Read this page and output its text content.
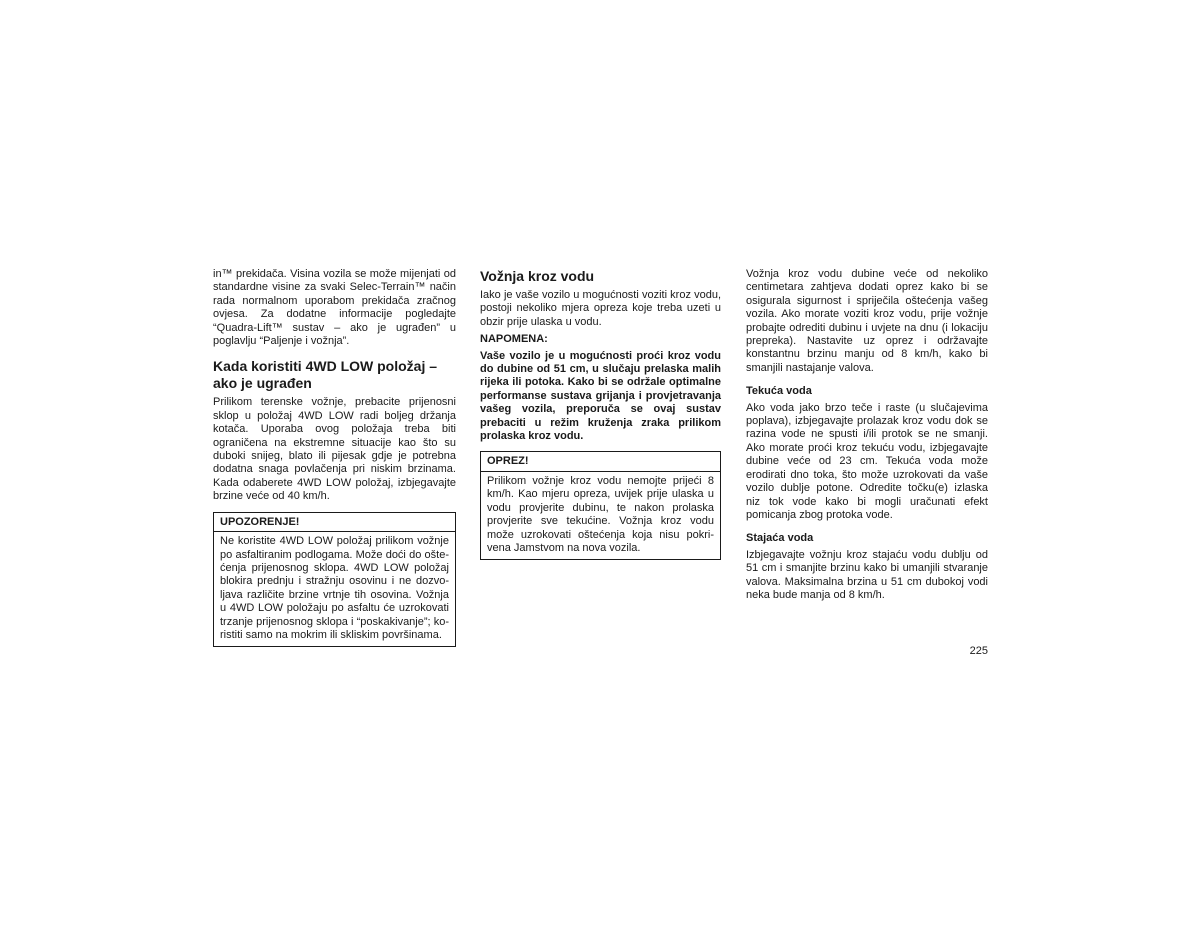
in™ prekidača. Visina vozila se može mijenjati od standardne visine za svaki Selec-Terrain™ način rada normalnom uporabom prekidača zračnog ovjesa. Za dodatne informacije pogledajte “Quadra-Lift™ sustav – ako je ugrađen” u poglavlju “Paljenje i vožnja”.

Kada koristiti 4WD LOW položaj – ako je ugrađen

Prilikom terenske vožnje, prebacite prijenosni sklop u položaj 4WD LOW radi boljeg držanja kotača. Uporaba ovog položaja treba biti ograničena na ekstremne situacije kao što su duboki snijeg, blato ili pijesak gdje je potrebna dodatna snaga povlačenja pri niskim brzinama. Kada odaberete 4WD LOW položaj, izbjegavajte brzine veće od 40 km/h.

UPOZORENJE!

Ne koristite 4WD LOW položaj prilikom vožnje po asfaltiranim podlogama. Može doći do oštećenja prijenosnog sklopa. 4WD LOW položaj blokira prednju i stražnju osovinu i ne dozvoljava različite brzine vrtnje tih osovina. Vožnja u 4WD LOW položaju po asfaltu će uzrokovati trzanje prijenosnog sklopa i “poskakivanje”; koristiti samo na mokrim ili skliskim površinama.

Vožnja kroz vodu

Iako je vaše vozilo u mogućnosti voziti kroz vodu, postoji nekoliko mjera opreza koje treba uzeti u obzir prije ulaska u vodu.

NAPOMENA:

Vaše vozilo je u mogućnosti proći kroz vodu do dubine od 51 cm, u slučaju prelaska malih rijeka ili potoka. Kako bi se održale optimalne performanse sustava grijanja i provjetravanja vašeg vozila, preporuča se ovaj sustav prebaciti u režim kruženja zraka prilikom prolaska kroz vodu.

OPREZ!

Prilikom vožnje kroz vodu nemojte prijeći 8 km/h. Kao mjeru opreza, uvijek prije ulaska u vodu provjerite dubinu, te nakon prolaska provjerite sve tekućine. Vožnja kroz vodu može uzrokovati oštećenja koja nisu pokrivena Jamstvom na nova vozila.

Vožnja kroz vodu dubine veće od nekoliko centimetara zahtjeva dodati oprez kako bi se osigurala sigurnost i spriječila oštećenja vašeg vozila. Ako morate voziti kroz vodu, prije vožnje probajte odrediti dubinu i uvjete na dnu (i lokaciju prepreka). Nastavite uz oprez i održavajte konstantnu brzinu manju od 8 km/h, kako bi smanjili nastajanje valova.

Tekuća voda

Ako voda jako brzo teče i raste (u slučajevima poplava), izbjegavajte prolazak kroz vodu dok se razina vode ne spusti i/ili protok se ne smanji. Ako morate proći kroz tekuću vodu, izbjegavajte dubine veće od 23 cm. Tekuća voda može erodirati dno toka, što može uzrokovati da vaše vozilo dublje potone. Odredite točku(e) izlaska niz tok vode kako bi mogli uračunati efekt pomicanja zbog protoka vode.

Stajaća voda

Izbjegavajte vožnju kroz stajaću vodu dublju od 51 cm i smanjite brzinu kako bi umanjili stvaranje valova. Maksimalna brzina u 51 cm dubokoj vodi neka bude manja od 8 km/h.

225
